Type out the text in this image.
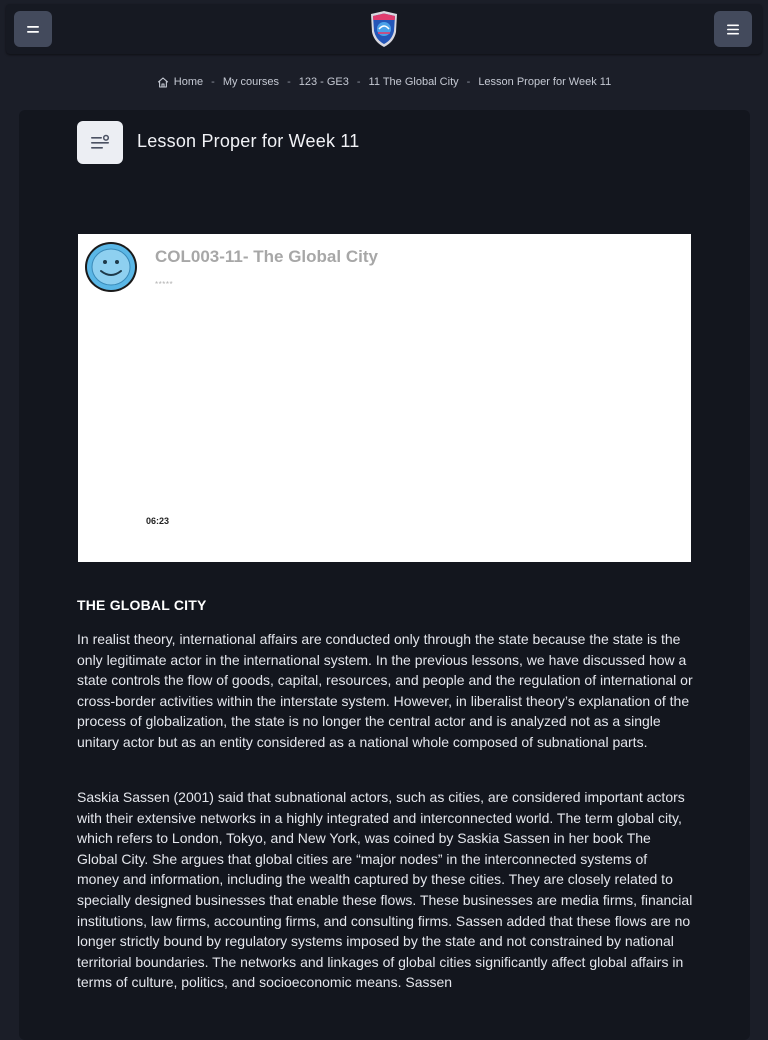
Home - My courses - 123 - GE3 - 11 The Global City - Lesson Proper for Week 11
Lesson Proper for Week 11
COL003-11- The Global City
*****
06:23
THE GLOBAL CITY

In realist theory, international affairs are conducted only through the state because the state is the only legitimate actor in the international system. In the previous lessons, we have discussed how a state controls the flow of goods, capital, resources, and people and the regulation of international or cross-border activities within the interstate system. However, in liberalist theory’s explanation of the process of globalization, the state is no longer the central actor and is analyzed not as a single unitary actor but as an entity considered as a national whole composed of subnational parts.

Saskia Sassen (2001) said that subnational actors, such as cities, are considered important actors with their extensive networks in a highly integrated and interconnected world. The term global city, which refers to London, Tokyo, and New York, was coined by Saskia Sassen in her book The Global City. She argues that global cities are “major nodes” in the interconnected systems of money and information, including the wealth captured by these cities. They are closely related to specially designed businesses that enable these flows. These businesses are media firms, financial institutions, law firms, accounting firms, and consulting firms. Sassen added that these flows are no longer strictly bound by regulatory systems imposed by the state and not constrained by national territorial boundaries. The networks and linkages of global cities significantly affect global affairs in terms of culture, politics, and socioeconomic means. Sassen
